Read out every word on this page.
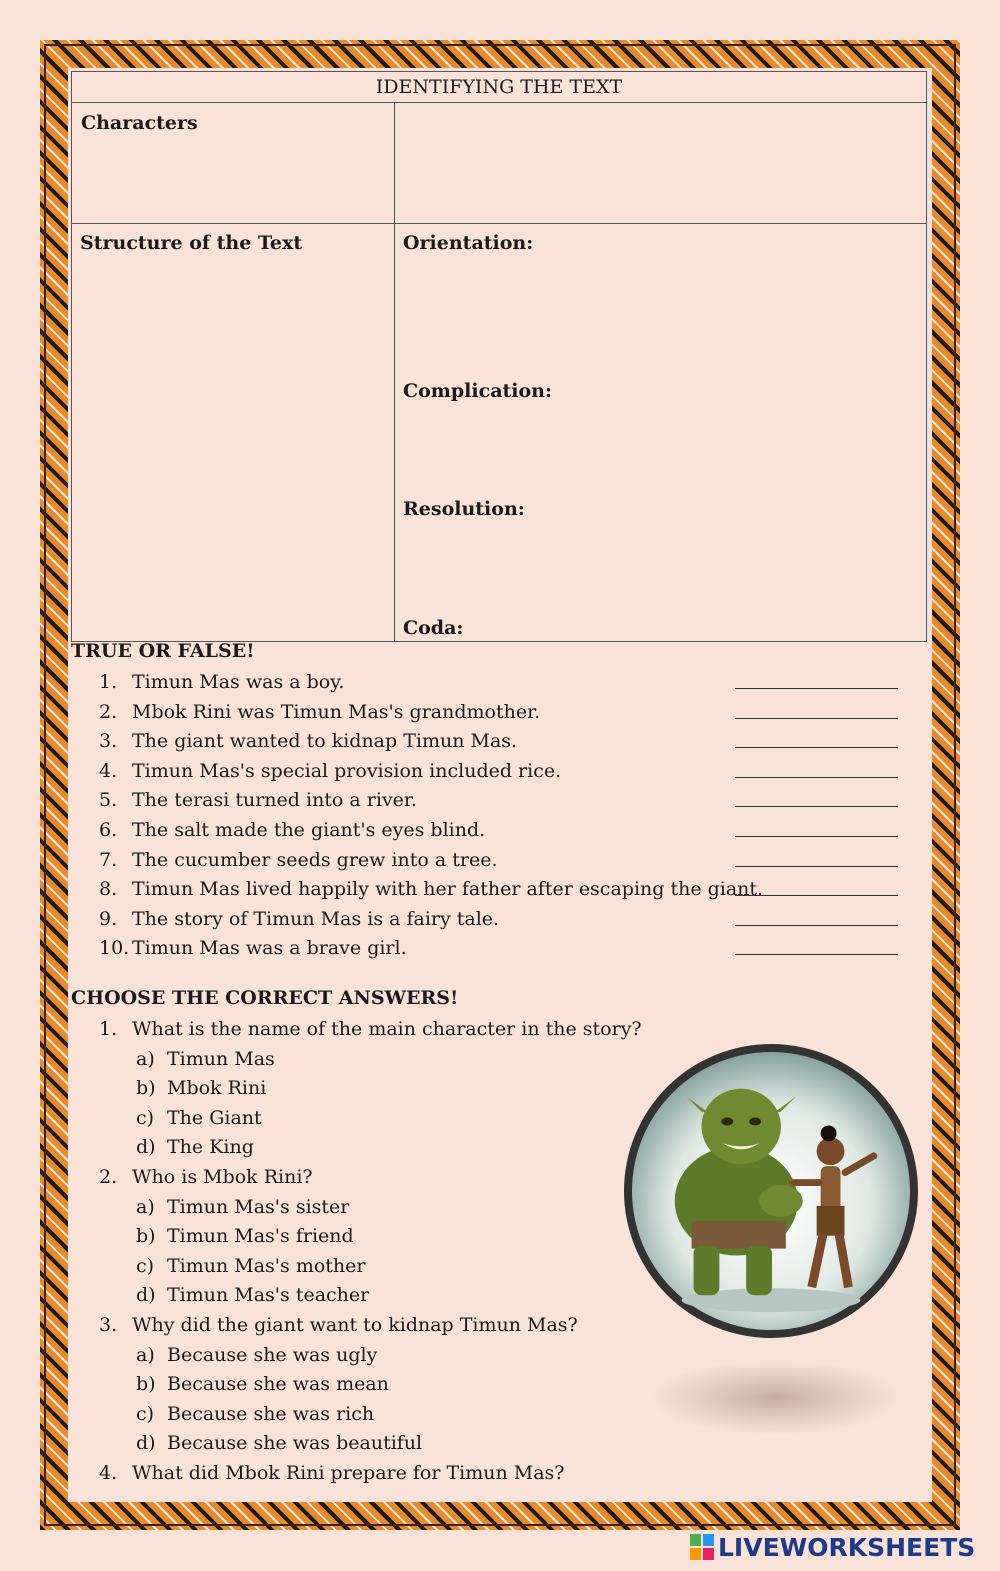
IDENTIFYING THE TEXT	

Characters	

Structure of the Text	Orientation:
Complication:
Resolution:
Coda:
TRUE OR FALSE!
1. Timun Mas was a boy.
2. Mbok Rini was Timun Mas's grandmother.
3. The giant wanted to kidnap Timun Mas.
4. Timun Mas's special provision included rice.
5. The terasi turned into a river.
6. The salt made the giant's eyes blind.
7. The cucumber seeds grew into a tree.
8. Timun Mas lived happily with her father after escaping the giant.
9. The story of Timun Mas is a fairy tale.
10. Timun Mas was a brave girl.
CHOOSE THE CORRECT ANSWERS!
1. What is the name of the main character in the story?
a) Timun Mas
b) Mbok Rini
c) The Giant
d) The King
2. Who is Mbok Rini?
a) Timun Mas's sister
b) Timun Mas's friend
c) Timun Mas's mother
d) Timun Mas's teacher
3. Why did the giant want to kidnap Timun Mas?
a) Because she was ugly
b) Because she was mean
c) Because she was rich
d) Because she was beautiful
4. What did Mbok Rini prepare for Timun Mas?
LIVEWORKSHEETS
